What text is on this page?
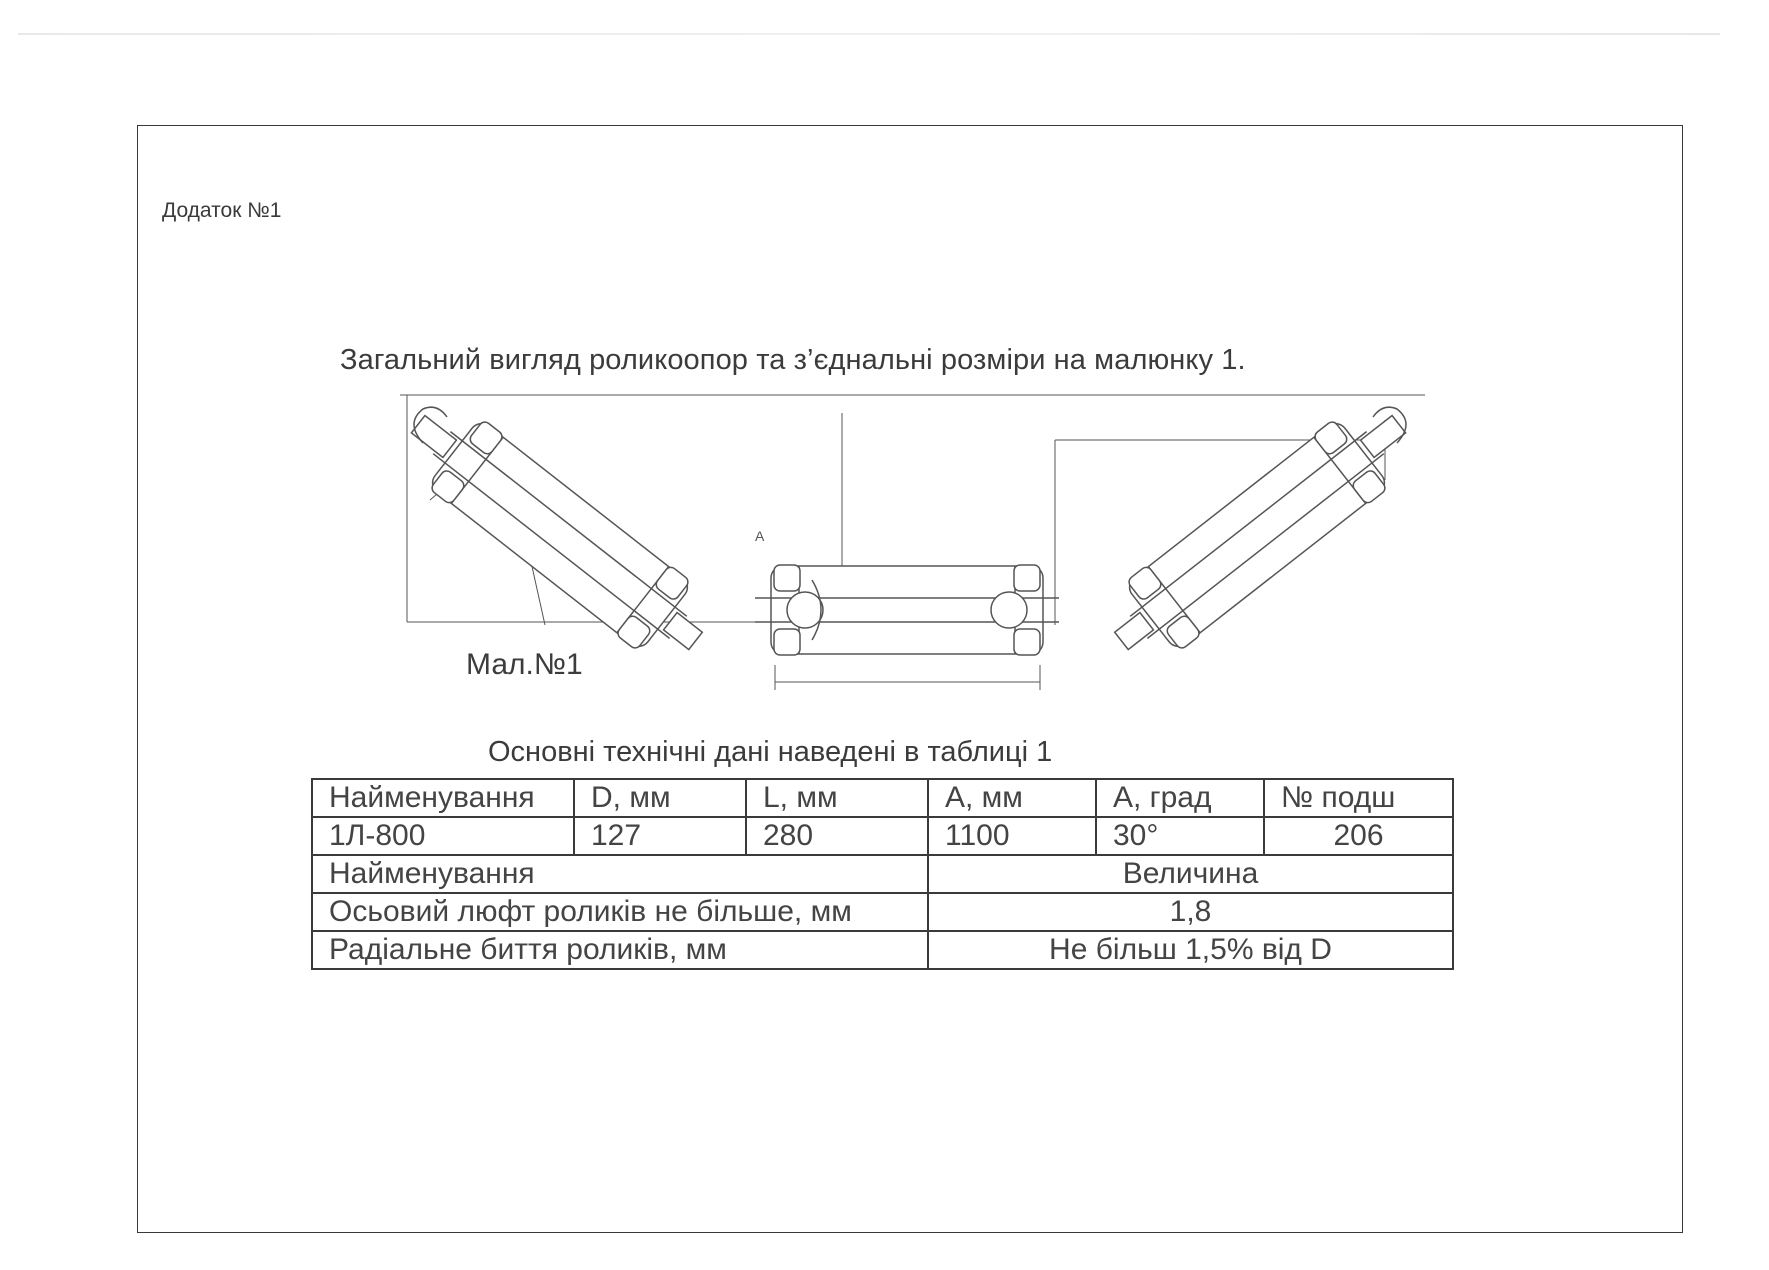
Додаток №1
Загальний вигляд роликоопор та з’єднальні розміри на малюнку 1.
A
Мал.№1
Основні технічні дані наведені в таблиці 1
Найменування	D, мм	L, мм	A, мм	A, град	№ подш
1Л-800	127	280	1100	30°	206
Найменування			Величина		
Осьовий люфт роликів не більше, мм			1,8		
Радіальне биття роликів, мм			Не більш 1,5% від D		
